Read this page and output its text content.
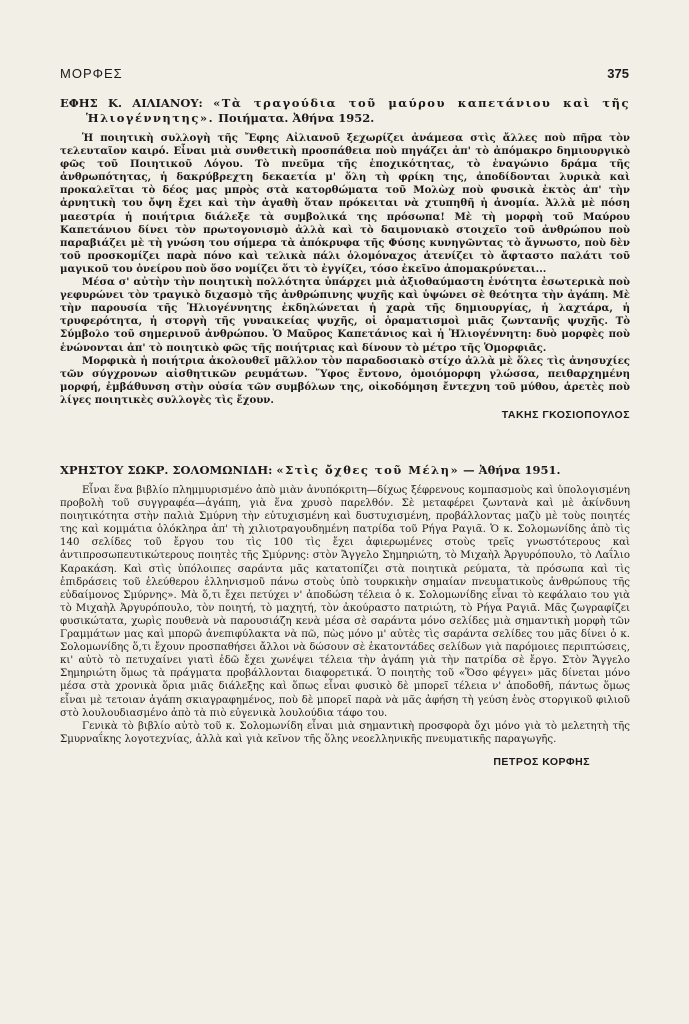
ΜΟΡΦΕΣ	375
ΕΦΗΣ Κ. ΑΙΛΙΑΝΟΥ: «Τὰ τραγούδια τοῦ μαύρου καπετάνιου καὶ τῆς Ἡλιογέννητης». Ποιήματα. Ἀθήνα 1952.

Ἡ ποιητικὴ συλλογὴ τῆς Ἔφης Αἰλιανοῦ ξεχωρίζει ἀνάμεσα στὶς ἄλλες ποὺ πῆρα τὸν τελευταῖον καιρό. Εἶναι μιὰ συνθετικὴ προσπάθεια ποὺ πηγάζει ἀπ' τὸ ἀπόμακρο δημιουργικὸ φῶς τοῦ Ποιητικοῦ Λόγου. Τὸ πνεῦμα τῆς ἐποχικότητας, τὸ ἐναγώνιο δράμα τῆς ἀνθρωπότητας, ἡ δακρύβρεχτη δεκαετία μ' ὅλη τὴ φρίκη της, ἀποδίδονται λυρικὰ καὶ προκαλεῖται τὸ δέος μας μπρὸς στὰ κατορθώματα τοῦ Μολὼχ ποὺ φυσικὰ ἐκτὸς ἀπ' τὴν ἀρνητικὴ του ὄψη ἔχει καὶ τὴν ἀγαθὴ ὅταν πρόκειται νὰ χτυπηθῆ ἡ ἀνομία. Ἀλλὰ μὲ πόση μαεστρία ἡ ποιήτρια διάλεξε τὰ συμβολικά της πρόσωπα! Μὲ τὴ μορφὴ τοῦ Μαύρου Καπετάνιου δίνει τὸν πρωτογονισμὸ ἀλλὰ καὶ τὸ δαιμονιακὸ στοιχεῖο τοῦ ἀνθρώπου ποὺ παραβιάζει μὲ τὴ γνώση του σήμερα τὰ ἀπόκρυφα τῆς Φύσης κυνηγῶντας τὸ ἄγνωστο, ποὺ δὲν τοῦ προσκομίζει παρὰ πόνο καὶ τελικὰ πάλι ὁλομόναχος ἀτενίζει τὸ ἄφταστο παλάτι τοῦ μαγικοῦ του ὀνείρου ποὺ ὅσο νομίζει ὅτι τὸ ἐγγίζει, τόσο ἐκεῖνο ἀπομακρύνεται...

Μέσα σ' αὐτὴν τὴν ποιητικὴ πολλότητα ὑπάρχει μιὰ ἀξιοθαύμαστη ἑνότητα ἐσωτερικὰ ποὺ γεφυρώνει τὸν τραγικὸ διχασμὸ τῆς ἀνθρώπινης ψυχῆς καὶ ὑψώνει σὲ θεότητα τὴν ἀγάπη. Μὲ τὴν παρουσία τῆς Ἡλιογέννητης ἐκδηλώνεται ἡ χαρὰ τῆς δημιουργίας, ἡ λαχτάρα, ἡ τρυφερότητα, ἡ στοργὴ τῆς γυναικείας ψυχῆς, οἱ ὁραματισμοὶ μιᾶς ζωντανῆς ψυχῆς. Τὸ Σύμβολο τοῦ σημερινοῦ ἀνθρώπου. Ὁ Μαῦρος Καπετάνιος καὶ ἡ Ἡλιογέννητη: δυὸ μορφὲς ποὺ ἑνώνονται ἀπ' τὸ ποιητικὸ φῶς τῆς ποιήτριας καὶ δίνουν τὸ μέτρο τῆς Ὁμορφιᾶς.

Μορφικὰ ἡ ποιήτρια ἀκολουθεῖ μᾶλλον τὸν παραδοσιακὸ στίχο ἀλλὰ μὲ ὅλες τὶς ἀνησυχίες τῶν σύγχρονων αἰσθητικῶν ρευμάτων. Ὕφος ἔντονο, ὁμοιόμορφη γλώσσα, πειθαρχημένη μορφή, ἐμβάθυνση στὴν οὐσία τῶν συμβόλων της, οἰκοδόμηση ἔντεχνη τοῦ μύθου, ἀρετὲς ποὺ λίγες ποιητικὲς συλλογὲς τὶς ἔχουν.

ΤΑΚΗΣ ΓΚΟΣΙΟΠΟΥΛΟΣ
ΧΡΗΣΤΟΥ ΣΩΚΡ. ΣΟΛΟΜΩΝΙΔΗ: «Στὶς ὄχθες τοῦ Μέλη» — Ἀθήνα 1951.

Εἶναι ἕνα βιβλίο πλημμυρισμένο ἀπὸ μιὰν ἀνυπόκριτη—δίχως ξέφρενους κομπασμοὺς καὶ ὑπολογισμένη προβολὴ τοῦ συγγραφέα—ἀγάπη, γιὰ ἕνα χρυσὸ παρελθόν. Σὲ μεταφέρει ζωντανὰ καὶ μὲ ἀκίνδυνη ποιητικότητα στὴν παλιὰ Σμύρνη τὴν εὐτυχισμένη καὶ δυστυχισμένη, προβάλλοντας μαζὺ μὲ τοὺς ποιητές της καὶ κομμάτια ὁλόκληρα ἀπ' τὴ χιλιοτραγουδημένη πατρίδα τοῦ Ρήγα Ραγιᾶ. Ὁ κ. Σολομωνίδης ἀπὸ τὶς 140 σελίδες τοῦ ἔργου του τὶς 100 τὶς ἔχει ἀφιερωμένες στοὺς τρεῖς γνωστότερους καὶ ἀντιπροσωπευτικώτερους ποιητὲς τῆς Σμύρνης: στὸν Ἄγγελο Σημηριώτη, τὸ Μιχαὴλ Ἀργυρόπουλο, τὸ Λαΐλιο Καρακάση. Καὶ στὶς ὑπόλοιπες σαράντα μᾶς κατατοπίζει στὰ ποιητικὰ ρεύματα, τὰ πρόσωπα καὶ τὶς ἐπιδράσεις τοῦ ἐλεύθερου ἑλληνισμοῦ πάνω στοὺς ὑπὸ τουρκικὴν σημαίαν πνευματικοὺς ἀνθρώπους τῆς εὐδαίμονος Σμύρνης». Μὰ ὅ,τι ἔχει πετύχει ν' ἀποδώση τέλεια ὁ κ. Σολομωνίδης εἶναι τὸ κεφάλαιο του γιὰ τὸ Μιχαὴλ Ἀργυρόπουλο, τὸν ποιητή, τὸ μαχητή, τὸν ἀκούραστο πατριώτη, τὸ Ρήγα Ραγιᾶ. Μᾶς ζωγραφίζει φυσικώτατα, χωρὶς πουθενὰ νὰ παρουσιάζη κενὰ μέσα σὲ σαράντα μόνο σελίδες μιὰ σημαντικὴ μορφὴ τῶν Γραμμάτων μας καὶ μπορῶ ἀνεπιφύλακτα νὰ πῶ, πὼς μόνο μ' αὐτὲς τὶς σαράντα σελίδες του μᾶς δίνει ὁ κ. Σολομωνίδης ὅ,τι ἔχουν προσπαθήσει ἄλλοι νὰ δώσουν σὲ ἑκατοντάδες σελίδων γιὰ παρόμοιες περιπτώσεις, κι' αὐτὸ τὸ πετυχαίνει γιατὶ ἐδῶ ἔχει χωνέψει τέλεια τὴν ἀγάπη γιὰ τὴν πατρίδα σὲ ἔργο. Στὸν Ἄγγελο Σημηριώτη ὅμως τὰ πράγματα προβάλλονται διαφορετικά. Ὁ ποιητὴς τοῦ «Ὅσο φέγγει» μᾶς δίνεται μόνο μέσα στὰ χρονικὰ ὅρια μιᾶς διάλεξης καὶ ὅπως εἶναι φυσικὸ δὲ μπορεῖ τέλεια ν' ἀποδοθῆ, πάντως ὅμως εἶναι μὲ τετοιαν ἀγάπη σκιαγραφημένος, ποὺ δὲ μπορεῖ παρὰ νὰ μᾶς ἀφήση τὴ γεύση ἑνὸς στοργικοῦ φιλιοῦ στὸ λουλουδιασμένο ἀπὸ τὰ πιὸ εὐγενικὰ λουλούδια τάφο του.

Γενικὰ τὸ βιβλίο αὐτὸ τοῦ κ. Σολομωνίδη εἶναι μιὰ σημαντικὴ προσφορὰ ὄχι μόνο γιὰ τὸ μελετητὴ τῆς Σμυρναΐκης λογοτεχνίας, ἀλλὰ καὶ γιὰ κεῖνον τῆς ὅλης νεοελληνικῆς πνευματικῆς παραγωγῆς.

ΠΕΤΡΟΣ ΚΟΡΦΗΣ
